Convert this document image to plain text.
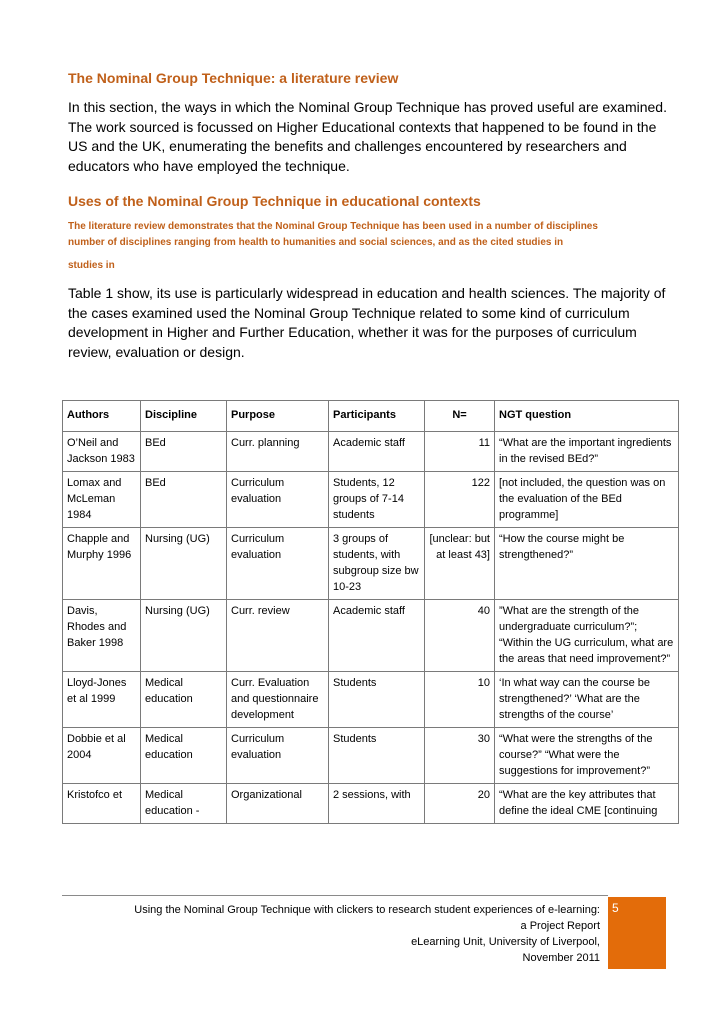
The Nominal Group Technique: a literature review

In this section, the ways in which the Nominal Group Technique has proved useful are examined.
The work sourced is focussed on Higher Educational contexts that happened to be found in the
US and the UK, enumerating the benefits and challenges encountered by researchers and
educators who have employed the technique.

Uses of the Nominal Group Technique in educational contexts

The literature review demonstrates that the Nominal Group Technique has been used in a number of disciplines
number of disciplines ranging from health to humanities and social sciences, and as the cited studies in

studies in

Table 1 show, its use is particularly widespread in education and health sciences. The majority of
the cases examined used the Nominal Group Technique related to some kind of curriculum
development in Higher and Further Education, whether it was for the purposes of curriculum
review, evaluation or design.

Authors	Discipline	Purpose	Participants	N=	NGT question
O’Neil and Jackson 1983	BEd	Curr. planning	Academic staff	11	“What are the important ingredients in the revised BEd?”
Lomax and McLeman 1984	BEd	Curriculum evaluation	Students, 12 groups of 7-14 students	122	[not included, the question was on the evaluation of the BEd programme]
Chapple and Murphy 1996	Nursing (UG)	Curriculum evaluation	3 groups of students, with subgroup size bw 10-23	[unclear: but at least 43]	“How the course might be strengthened?”
Davis, Rhodes and Baker 1998	Nursing (UG)	Curr. review	Academic staff	40	”What are the strength of the undergraduate curriculum?”; “Within the UG curriculum, what are the areas that need improvement?”
Lloyd-Jones et al 1999	Medical education	Curr. Evaluation and questionnaire development	Students	10	‘In what way can the course be strengthened?’ ‘What are the strengths of the course’
Dobbie et al 2004	Medical education	Curriculum evaluation	Students	30	“What were the strengths of the course?” “What were the suggestions for improvement?”
Kristofco et	Medical education -	Organizational	2 sessions, with	20	“What are the key attributes that define the ideal CME [continuing
Using the Nominal Group Technique with clickers to research student experiences of e-learning:
a Project Report
eLearning Unit, University of Liverpool,
November 2011
5
